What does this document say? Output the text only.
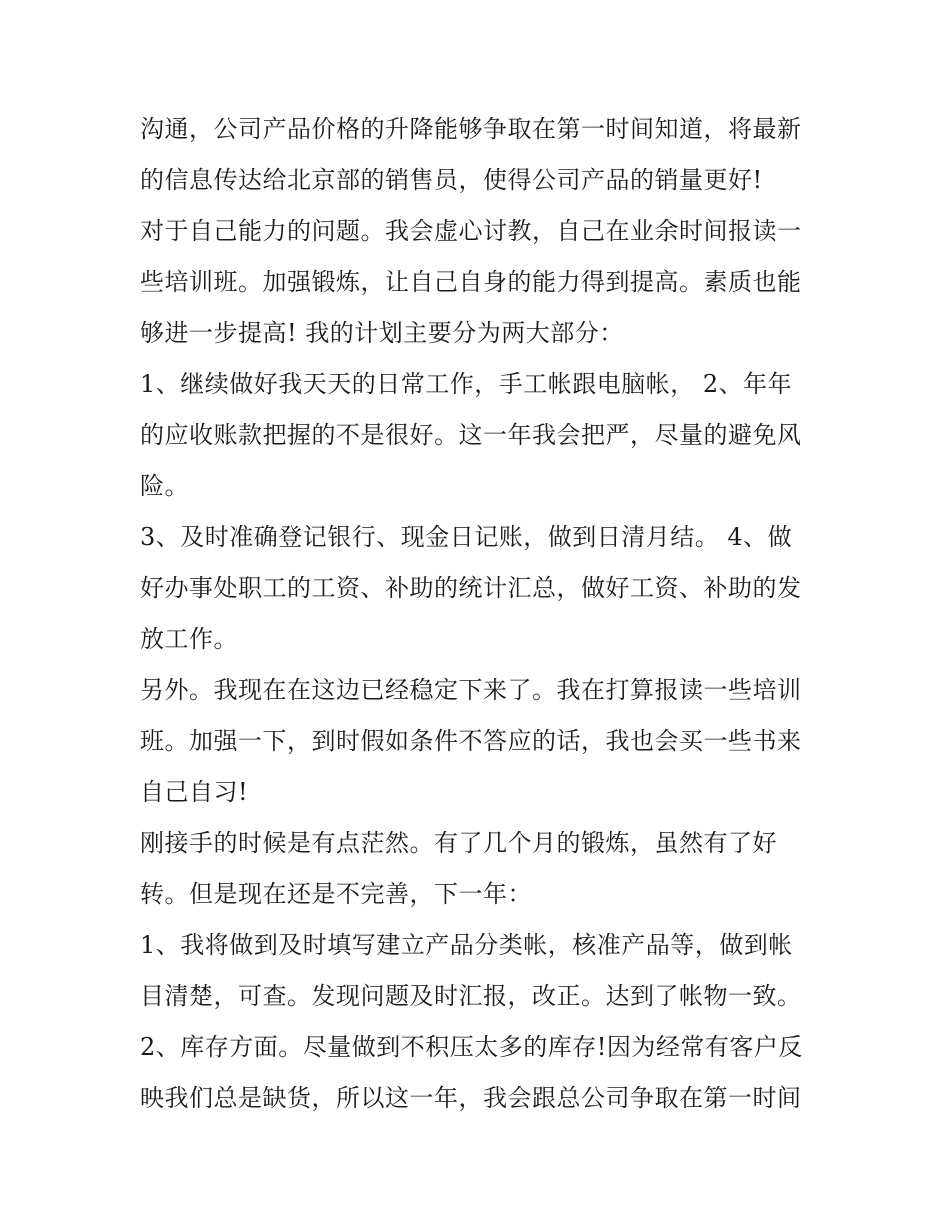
沟通，公司产品价格的升降能够争取在第一时间知道，将最新
的信息传达给北京部的销售员，使得公司产品的销量更好!
对于自己能力的问题。我会虚心讨教，自己在业余时间报读一
些培训班。加强锻炼，让自己自身的能力得到提高。素质也能
够进一步提高! 我的计划主要分为两大部分：
1、继续做好我天天的日常工作，手工帐跟电脑帐， 2、年年
的应收账款把握的不是很好。这一年我会把严，尽量的避免风
险。
3、及时准确登记银行、现金日记账，做到日清月结。 4、做
好办事处职工的工资、补助的统计汇总，做好工资、补助的发
放工作。
另外。我现在在这边已经稳定下来了。我在打算报读一些培训
班。加强一下，到时假如条件不答应的话，我也会买一些书来
自己自习!
刚接手的时候是有点茫然。有了几个月的锻炼，虽然有了好
转。但是现在还是不完善，下一年：
1、我将做到及时填写建立产品分类帐，核准产品等，做到帐
目清楚，可查。发现问题及时汇报，改正。达到了帐物一致。
2、库存方面。尽量做到不积压太多的库存!因为经常有客户反
映我们总是缺货，所以这一年，我会跟总公司争取在第一时间
